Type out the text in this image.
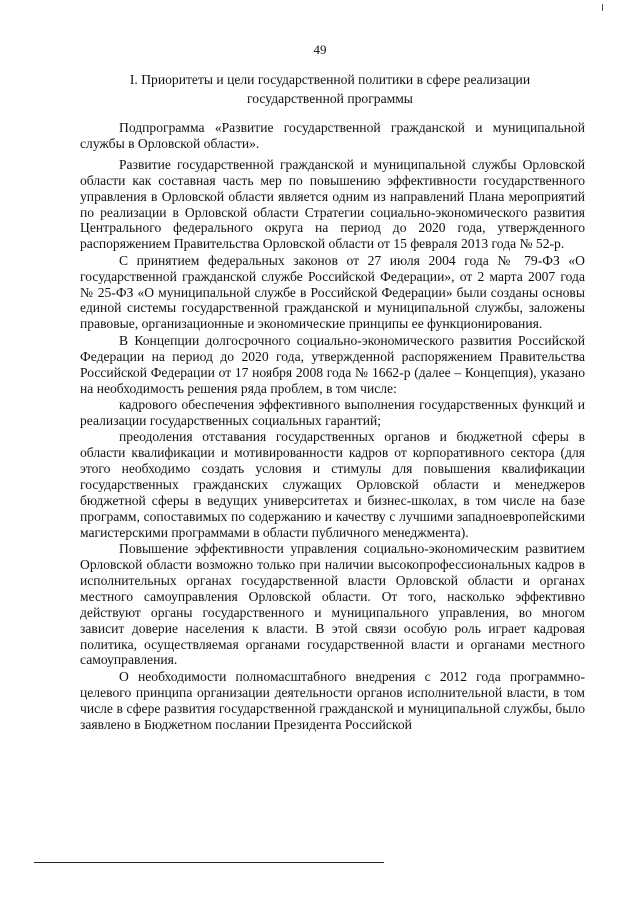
49
I. Приоритеты и цели государственной политики в сфере реализации
государственной программы

Подпрограмма «Развитие государственной гражданской и муниципальной службы в Орловской области».

Развитие государственной гражданской и муниципальной службы Орловской области как составная часть мер по повышению эффективности государственного управления в Орловской области является одним из направлений Плана мероприятий по реализации в Орловской области Стратегии социально-экономического развития Центрального федерального округа на период до 2020 года, утвержденного распоряжением Правительства Орловской области от 15 февраля 2013 года № 52-р.

С принятием федеральных законов от 27 июля 2004 года № 79-ФЗ «О государственной гражданской службе Российской Федерации», от 2 марта 2007 года № 25-ФЗ «О муниципальной службе в Российской Федерации» были созданы основы единой системы государственной гражданской и муниципальной службы, заложены правовые, организационные и экономические принципы ее функционирования.

В Концепции долгосрочного социально-экономического развития Российской Федерации на период до 2020 года, утвержденной распоряжением Правительства Российской Федерации от 17 ноября 2008 года № 1662-р (далее – Концепция), указано на необходимость решения ряда проблем, в том числе:

кадрового обеспечения эффективного выполнения государственных функций и реализации государственных социальных гарантий;

преодоления отставания государственных органов и бюджетной сферы в области квалификации и мотивированности кадров от корпоративного сектора (для этого необходимо создать условия и стимулы для повышения квалификации государственных гражданских служащих Орловской области и менеджеров бюджетной сферы в ведущих университетах и бизнес-школах, в том числе на базе программ, сопоставимых по содержанию и качеству с лучшими западноевропейскими магистерскими программами в области публичного менеджмента).

Повышение эффективности управления социально-экономическим развитием Орловской области возможно только при наличии высокопрофессиональных кадров в исполнительных органах государственной власти Орловской области и органах местного самоуправления Орловской области. От того, насколько эффективно действуют органы государственного и муниципального управления, во многом зависит доверие населения к власти. В этой связи особую роль играет кадровая политика, осуществляемая органами государственной власти и органами местного самоуправления.

О необходимости полномасштабного внедрения с 2012 года программно-целевого принципа организации деятельности органов исполнительной власти, в том числе в сфере развития государственной гражданской и муниципальной службы, было заявлено в Бюджетном послании Президента Российской
